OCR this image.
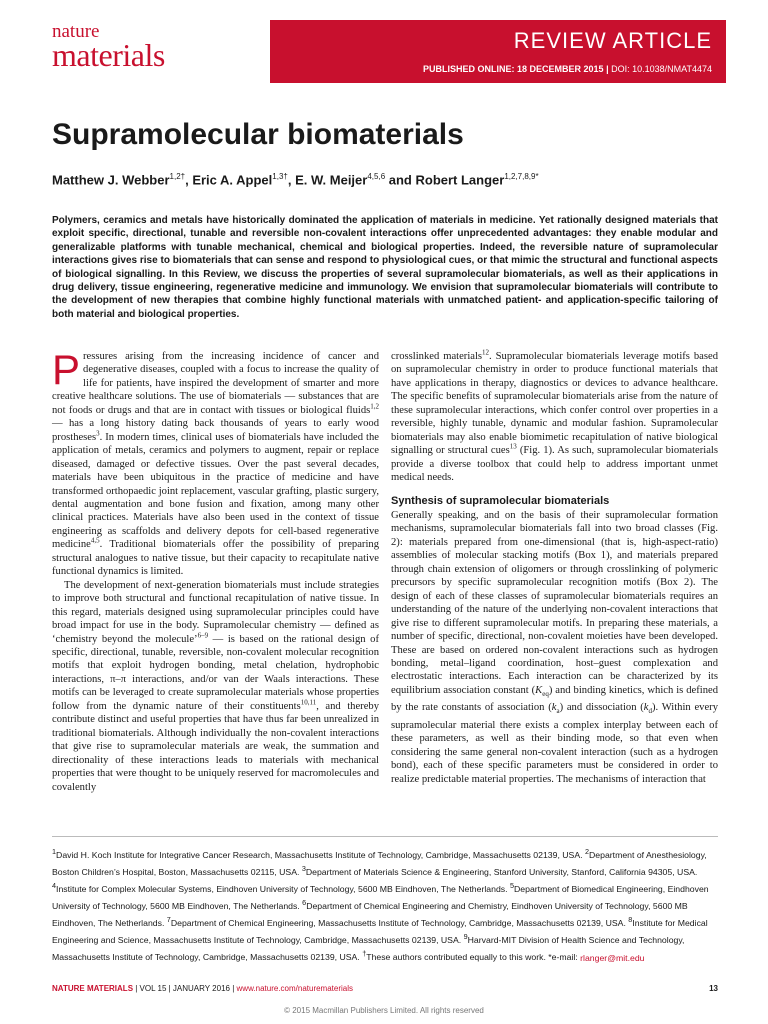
nature
materials	REVIEW ARTICLE
PUBLISHED ONLINE: 18 DECEMBER 2015 | DOI: 10.1038/NMAT4474
Supramolecular biomaterials
Matthew J. Webber$^{1,2\dagger}$, Eric A. Appel$^{1,3\dagger}$, E. W. Meijer$^{4,5,6}$ and Robert Langer$^{1,2,7,8,9*}$

Polymers, ceramics and metals have historically dominated the application of materials in medicine. Yet rationally designed materials that exploit specific, directional, tunable and reversible non-covalent interactions offer unprecedented advantages: they enable modular and generalizable platforms with tunable mechanical, chemical and biological properties. Indeed, the reversible nature of supramolecular interactions gives rise to biomaterials that can sense and respond to physiological cues, or that mimic the structural and functional aspects of biological signalling. In this Review, we discuss the properties of several supramolecular biomaterials, as well as their applications in drug delivery, tissue engineering, regenerative medicine and immunology. We envision that supramolecular biomaterials will contribute to the development of new therapies that combine highly functional materials with unmatched patient- and application-specific tailoring of both material and biological properties.

Pressures arising from the increasing incidence of cancer and degenerative diseases, coupled with a focus to increase the quality of life for patients, have inspired the development of smarter and more creative healthcare solutions. The use of biomaterials — substances that are not foods or drugs and that are in contact with tissues or biological fluids$^{1,2}$ — has a long history dating back thousands of years to early wood prostheses$^3$. In modern times, clinical uses of biomaterials have included the application of metals, ceramics and polymers to augment, repair or replace diseased, damaged or defective tissues. Over the past several decades, materials have been ubiquitous in the practice of medicine and have transformed orthopaedic joint replacement, vascular grafting, plastic surgery, dental augmentation and bone fusion and fixation, among many other clinical practices. Materials have also been used in the context of tissue engineering as scaffolds and delivery depots for cell-based regenerative medicine$^{4,5}$. Traditional biomaterials offer the possibility of preparing structural analogues to native tissue, but their capacity to recapitulate native functional dynamics is limited.

The development of next-generation biomaterials must include strategies to improve both structural and functional recapitulation of native tissue. In this regard, materials designed using supramolecular principles could have broad impact for use in the body. Supramolecular chemistry — defined as ‘chemistry beyond the molecule’$^{6-9}$ — is based on the rational design of specific, directional, tunable, reversible, non-covalent molecular recognition motifs that exploit hydrogen bonding, metal chelation, hydrophobic interactions, π–π interactions, and/or van der Waals interactions. These motifs can be leveraged to create supramolecular materials whose properties follow from the dynamic nature of their constituents$^{10,11}$, and thereby contribute distinct and useful properties that have thus far been unrealized in traditional biomaterials. Although individually the non-covalent interactions that give rise to supramolecular materials are weak, the summation and directionality of these interactions leads to materials with mechanical properties that were thought to be uniquely reserved for macromolecules and covalently

crosslinked materials$^{12}$. Supramolecular biomaterials leverage motifs based on supramolecular chemistry in order to produce functional materials that have applications in therapy, diagnostics or devices to advance healthcare. The specific benefits of supramolecular biomaterials arise from the nature of these supramolecular interactions, which confer control over properties in a reversible, highly tunable, dynamic and modular fashion. Supramolecular biomaterials may also enable biomimetic recapitulation of native biological signalling or structural cues$^{13}$ (Fig. 1). As such, supramolecular biomaterials provide a diverse toolbox that could help to address important unmet medical needs.

Synthesis of supramolecular biomaterials

Generally speaking, and on the basis of their supramolecular formation mechanisms, supramolecular biomaterials fall into two broad classes (Fig. 2): materials prepared from one-dimensional (that is, high-aspect-ratio) assemblies of molecular stacking motifs (Box 1), and materials prepared through chain extension of oligomers or through crosslinking of polymeric precursors by specific supramolecular recognition motifs (Box 2). The design of each of these classes of supramolecular biomaterials requires an understanding of the nature of the underlying non-covalent interactions that give rise to different supramolecular motifs. In preparing these materials, a number of specific, directional, non-covalent moieties have been developed. These are based on ordered non-covalent interactions such as hydrogen bonding, metal–ligand coordination, host–guest complexation and electrostatic interactions. Each interaction can be characterized by its equilibrium association constant $(K_{eq})$ and binding kinetics, which is defined by the rate constants of association $(k_a)$ and dissociation $(k_d)$. Within every supramolecular material there exists a complex interplay between each of these parameters, as well as their binding mode, so that even when considering the same general non-covalent interaction (such as a hydrogen bond), each of these specific parameters must be considered in order to realize predictable material properties. The mechanisms of interaction that

$^1$David H. Koch Institute for Integrative Cancer Research, Massachusetts Institute of Technology, Cambridge, Massachusetts 02139, USA. $^2$Department of Anesthesiology, Boston Children’s Hospital, Boston, Massachusetts 02115, USA. $^3$Department of Materials Science & Engineering, Stanford University, Stanford, California 94305, USA. $^4$Institute for Complex Molecular Systems, Eindhoven University of Technology, 5600 MB Eindhoven, The Netherlands. $^5$Department of Biomedical Engineering, Eindhoven University of Technology, 5600 MB Eindhoven, The Netherlands. $^6$Department of Chemical Engineering and Chemistry, Eindhoven University of Technology, 5600 MB Eindhoven, The Netherlands. $^7$Department of Chemical Engineering, Massachusetts Institute of Technology, Cambridge, Massachusetts 02139, USA. $^8$Institute for Medical Engineering and Science, Massachusetts Institute of Technology, Cambridge, Massachusetts 02139, USA. $^9$Harvard-MIT Division of Health Science and Technology, Massachusetts Institute of Technology, Cambridge, Massachusetts 02139, USA. †These authors contributed equally to this work. *e-mail: rlanger@mit.edu

NATURE MATERIALS | VOL 15 | JANUARY 2016 | www.nature.com/naturematerials	13
© 2015 Macmillan Publishers Limited. All rights reserved
